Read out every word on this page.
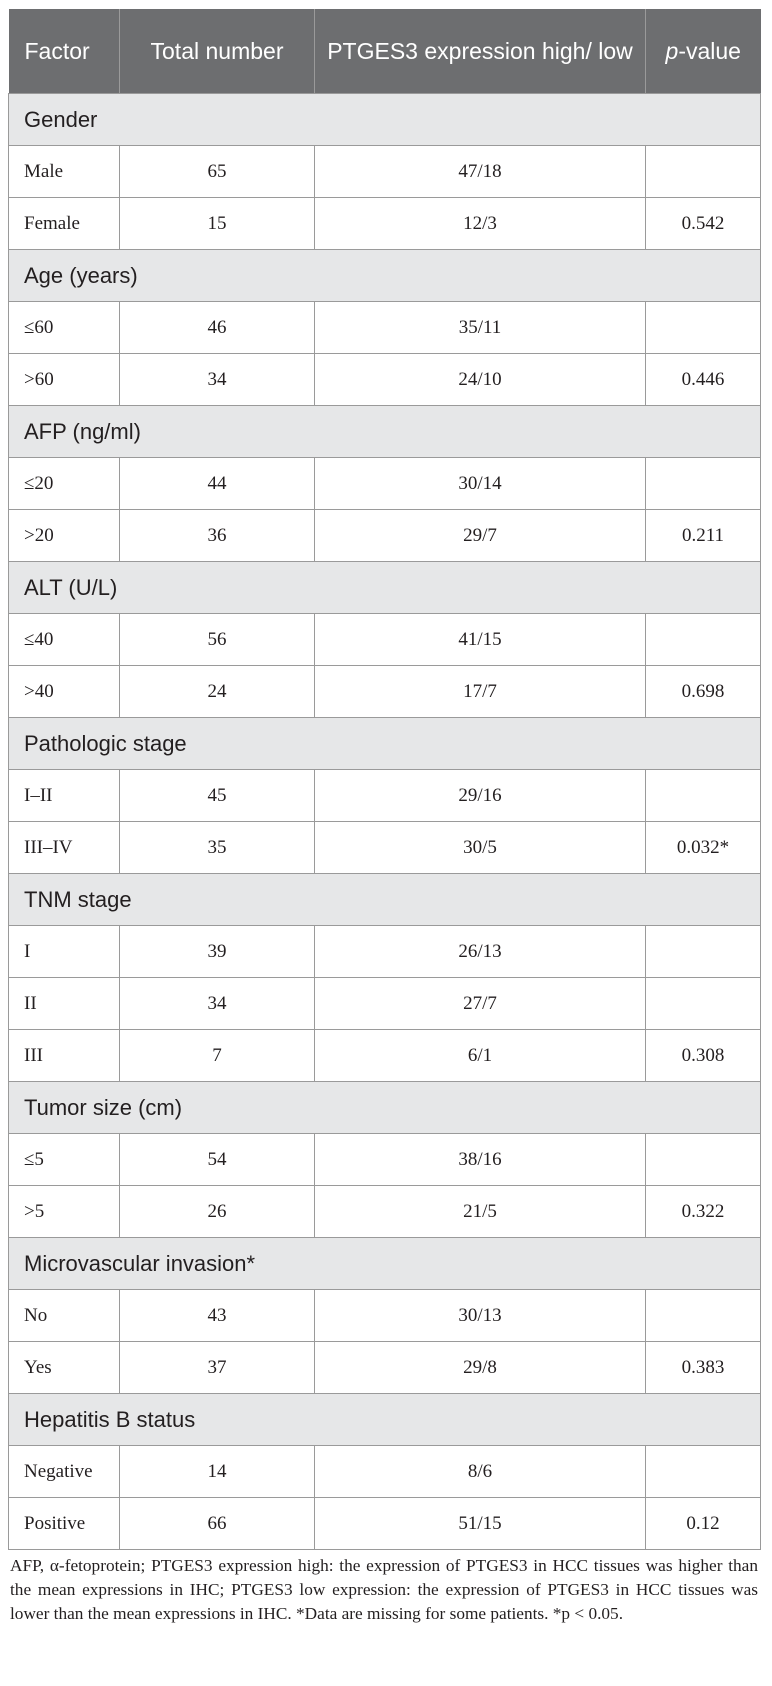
Factor	Total number	PTGES3 expression high/ low	p-value
Gender			
Male	65	47/18	
Female	15	12/3	0.542
Age (years)			
≤60	46	35/11	
>60	34	24/10	0.446
AFP (ng/ml)			
≤20	44	30/14	
>20	36	29/7	0.211
ALT (U/L)			
≤40	56	41/15	
>40	24	17/7	0.698
Pathologic stage			
I–II	45	29/16	
III–IV	35	30/5	0.032*
TNM stage			
I	39	26/13	
II	34	27/7	
III	7	6/1	0.308
Tumor size (cm)			
≤5	54	38/16	
>5	26	21/5	0.322
Microvascular invasion*			
No	43	30/13	
Yes	37	29/8	0.383
Hepatitis B status			
Negative	14	8/6	
Positive	66	51/15	0.12
AFP, α-fetoprotein; PTGES3 expression high: the expression of PTGES3 in HCC tissues was higher than the mean expressions in IHC; PTGES3 low expression: the expression of PTGES3 in HCC tissues was lower than the mean expressions in IHC. *Data are missing for some patients. *p < 0.05.
